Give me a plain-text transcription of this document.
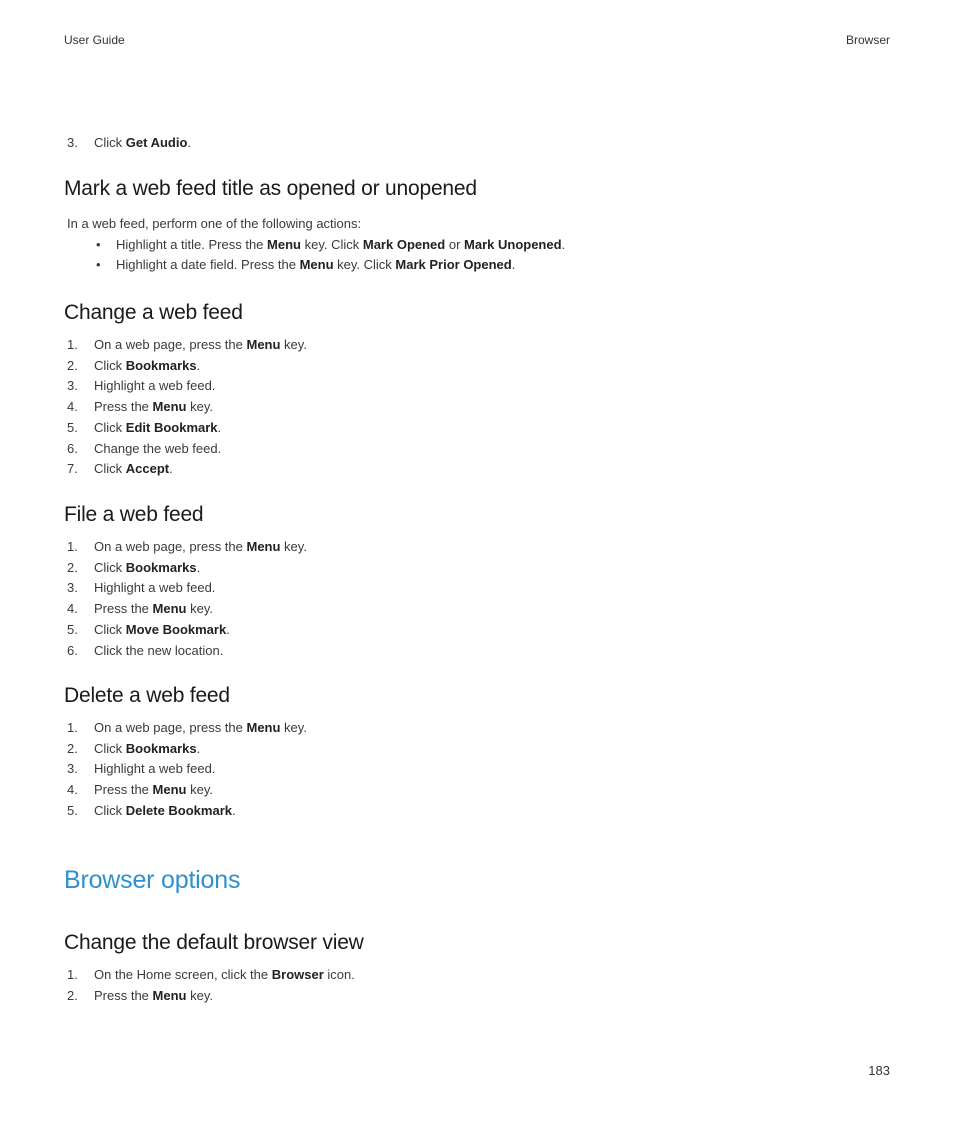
User Guide	Browser
3.	Click Get Audio.
Mark a web feed title as opened or unopened
In a web feed, perform one of the following actions:
• Highlight a title. Press the Menu key. Click Mark Opened or Mark Unopened.
• Highlight a date field. Press the Menu key. Click Mark Prior Opened.
Change a web feed
1.	On a web page, press the Menu key.
2.	Click Bookmarks.
3.	Highlight a web feed.
4.	Press the Menu key.
5.	Click Edit Bookmark.
6.	Change the web feed.
7.	Click Accept.
File a web feed
1.	On a web page, press the Menu key.
2.	Click Bookmarks.
3.	Highlight a web feed.
4.	Press the Menu key.
5.	Click Move Bookmark.
6.	Click the new location.
Delete a web feed
1.	On a web page, press the Menu key.
2.	Click Bookmarks.
3.	Highlight a web feed.
4.	Press the Menu key.
5.	Click Delete Bookmark.
Browser options
Change the default browser view
1.	On the Home screen, click the Browser icon.
2.	Press the Menu key.
183
